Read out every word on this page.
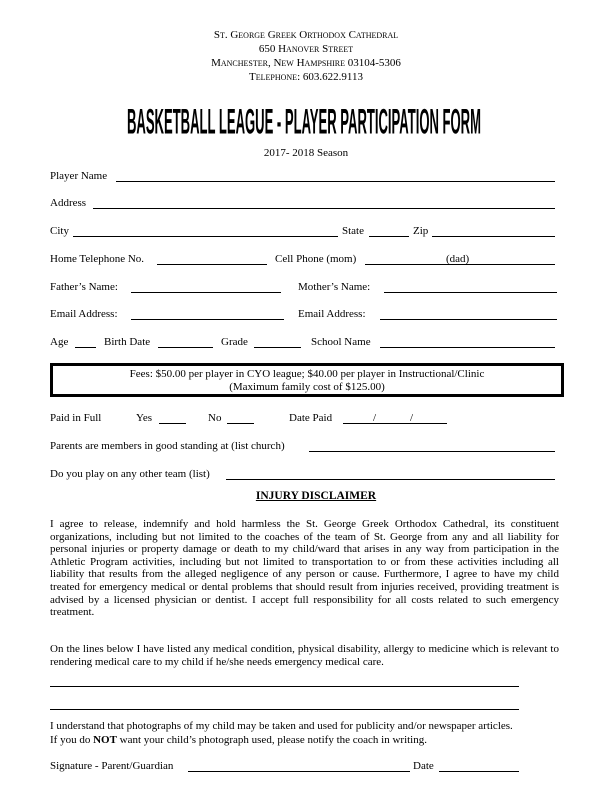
St. George Greek Orthodox Cathedral
650 Hanover Street
Manchester, New Hampshire 03104-5306
Telephone: 603.622.9113
BASKETBALL LEAGUE - PLAYER PARTICIPATION FORM
2017- 2018 Season
Player Name
Address
City	State	Zip
Home Telephone No.	Cell Phone (mom)	(dad)
Father’s Name:	Mother’s Name:
Email Address:	Email Address:
Age	Birth Date	Grade	School Name
Fees: $50.00 per player in CYO league; $40.00 per player in Instructional/Clinic
(Maximum family cost of $125.00)
Paid in Full	Yes	No	Date Paid	/	/
Parents are members in good standing at (list church)
Do you play on any other team (list)
INJURY DISCLAIMER
I agree to release, indemnify and hold harmless the St. George Greek Orthodox Cathedral, its constituent organizations, including but not limited to the coaches of the team of St. George from any and all liability for personal injuries or property damage or death to my child/ward that arises in any way from participation in the Athletic Program activities, including but not limited to transportation to or from these activities including all liability that results from the alleged negligence of any person or cause. Furthermore, I agree to have my child treated for emergency medical or dental problems that should result from injuries received, providing treatment is advised by a licensed physician or dentist. I accept full responsibility for all costs related to such emergency treatment.
On the lines below I have listed any medical condition, physical disability, allergy to medicine which is relevant to rendering medical care to my child if he/she needs emergency medical care.
I understand that photographs of my child may be taken and used for publicity and/or newspaper articles.
If you do NOT want your child’s photograph used, please notify the coach in writing.
Signature - Parent/Guardian	Date
